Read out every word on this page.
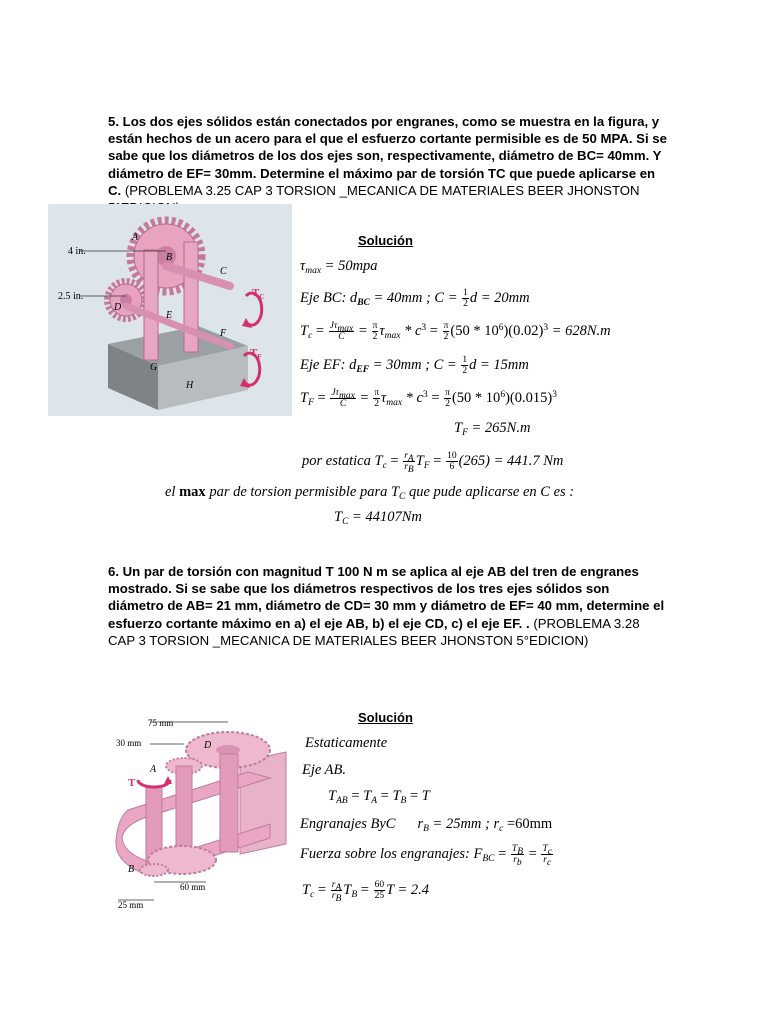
5. Los dos ejes sólidos están conectados por engranes, como se muestra en la figura, y están hechos de un acero para el que el esfuerzo cortante permisible es de 50 MPA. Si se sabe que los diámetros de los dos ejes son, respectivamente, diámetro de BC= 40mm. Y diámetro de EF= 30mm. Determine el máximo par de torsión TC que puede aplicarse en C. (PROBLEMA 3.25 CAP 3 TORSION _MECANICA DE MATERIALES BEER JHONSTON
4 in.
2.5 in.
A
B
C
D
E
F
G
H
$T_C$
$T_F$
Solución
$\tau_{max} = 50mpa$
Eje BC: $d_{BC} = 40mm$ ; $C = \frac{1}{2}$ d = 20mm
$T_c = \frac{J\tau_{max}}{C} = \frac{\pi}{2} \tau_{max} * c^3 = \frac{\pi}{2} (50 * 10^6)(0.02)^3 = 628N.m$
Eje EF: $d_{EF} = 30mm$ ; $C = \frac{1}{2}$ d = 15mm
$T_F = \frac{J\tau_{max}}{C} = \frac{\pi}{2} \tau_{max} * c^3 = \frac{\pi}{2} (50 * 10^6)(0.015)^3$
$T_F = 265N.m$
por estatica $T_c = \frac{r_A}{r_B} T_F = \frac{10}{6} (265) = 441.7$ Nm
el max par de torsion permisible para $T_C$ que pude aplicarse en C es :
$T_C = 44107Nm$
6. Un par de torsión con magnitud T 100 N m se aplica al eje AB del tren de engranes mostrado. Si se sabe que los diámetros respectivos de los tres ejes sólidos son diámetro de AB= 21 mm, diámetro de CD= 30 mm y diámetro de EF= 40 mm, determine el esfuerzo cortante máximo en a) el eje AB, b) el eje CD, c) el eje EF. . (PROBLEMA 3.28 CAP 3 TORSION _MECANICA DE MATERIALES BEER JHONSTON 5°EDICION)
75 mm
30 mm
60 mm
25 mm
A
B
D
T
Solución
Estaticamente
Eje AB.
$T_{AB} = T_A = T_B = T$
Engranajes ByC $r_B = 25mm$ ; $r_c =60mm$
Fuerza sobre los engranajes: $F_{BC} = \frac{T_B}{r_b} = \frac{T_c}{r_c}$
$T_c = \frac{r_A}{r_B} T_B = \frac{60}{25}$ T = 2.4
